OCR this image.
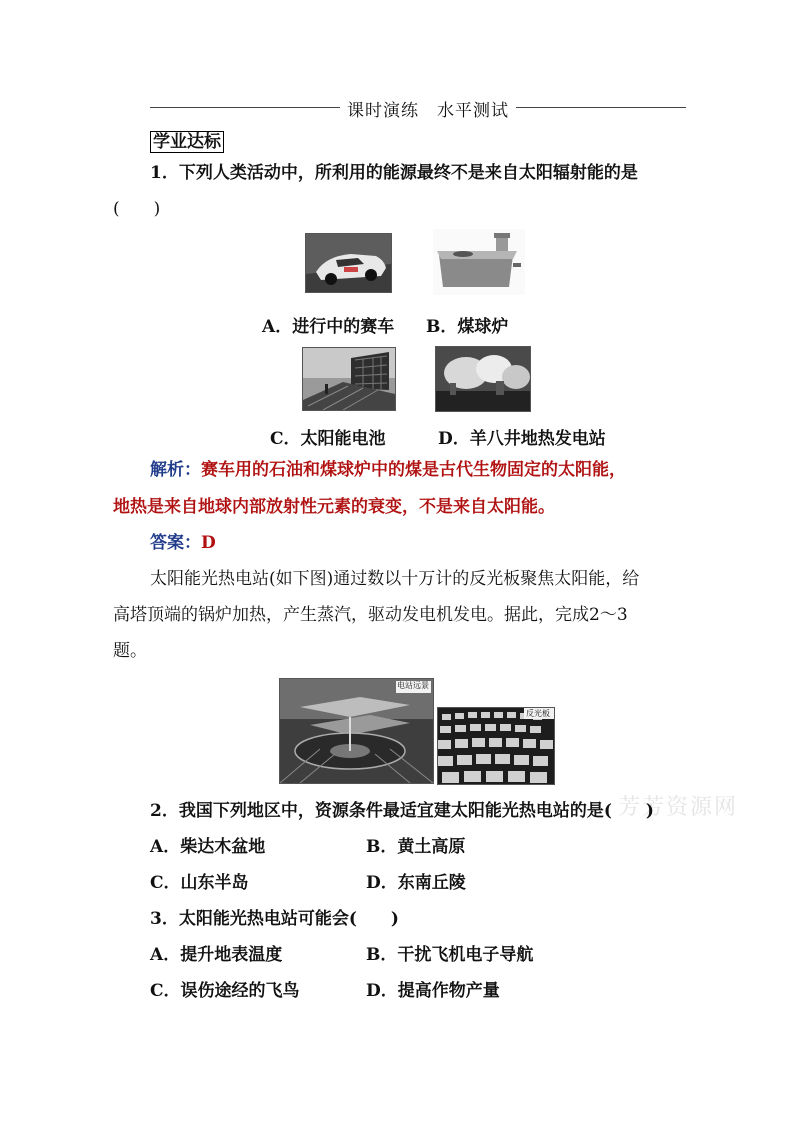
课时演练　水平测试
学业达标
1．下列人类活动中，所利用的能源最终不是来自太阳辐射能的是
(　　)
A．进行中的赛车 B．煤球炉
C．太阳能电池	D．羊八井地热发电站
解析：赛车用的石油和煤球炉中的煤是古代生物固定的太阳能，
地热是来自地球内部放射性元素的衰变，不是来自太阳能。
答案：D
太阳能光热电站(如下图)通过数以十万计的反光板聚焦太阳能，给
高塔顶端的锅炉加热，产生蒸汽，驱动发电机发电。据此，完成2～3
题。
电站远景
反光板
芳芳资源网
2．我国下列地区中，资源条件最适宜建太阳能光热电站的是(　　)
A．柴达木盆地	B．黄土高原
C．山东半岛	D．东南丘陵
3．太阳能光热电站可能会(　　)
A．提升地表温度	B．干扰飞机电子导航
C．误伤途经的飞鸟	D．提高作物产量
